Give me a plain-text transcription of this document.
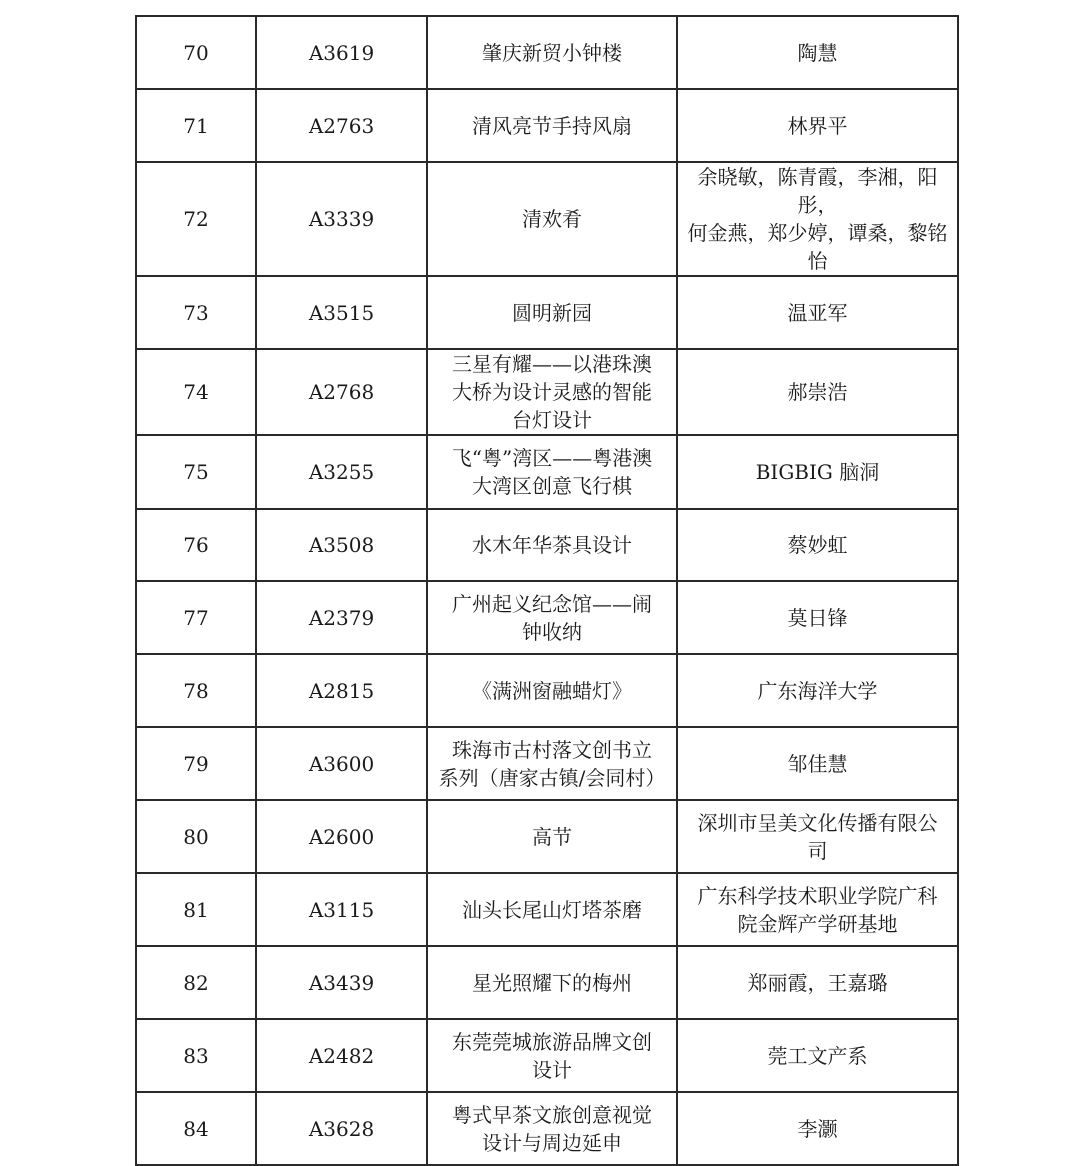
70	A3619	肇庆新贸小钟楼	陶慧

71	A2763	清风亮节手持风扇	林界平

72	A3339	清欢肴	余晓敏，陈青霞，李湘，阳彤，
何金燕，郑少婷，谭桑，黎铭
怡

73	A3515	圆明新园	温亚军

74	A2768	三星有耀——以港珠澳
大桥为设计灵感的智能
台灯设计	郝崇浩

75	A3255	飞“粤”湾区——粤港澳
大湾区创意飞行棋	BIGBIG 脑洞

76	A3508	水木年华茶具设计	蔡妙虹

77	A2379	广州起义纪念馆——闹
钟收纳	莫日锋

78	A2815	《满洲窗融蜡灯》	广东海洋大学

79	A3600	珠海市古村落文创书立
系列（唐家古镇/会同村）	邹佳慧

80	A2600	高节	深圳市呈美文化传播有限公
司

81	A3115	汕头长尾山灯塔茶磨	广东科学技术职业学院广科
院金辉产学研基地

82	A3439	星光照耀下的梅州	郑丽霞，王嘉璐

83	A2482	东莞莞城旅游品牌文创
设计	莞工文产系

84	A3628	粤式早茶文旅创意视觉
设计与周边延申	李灏
